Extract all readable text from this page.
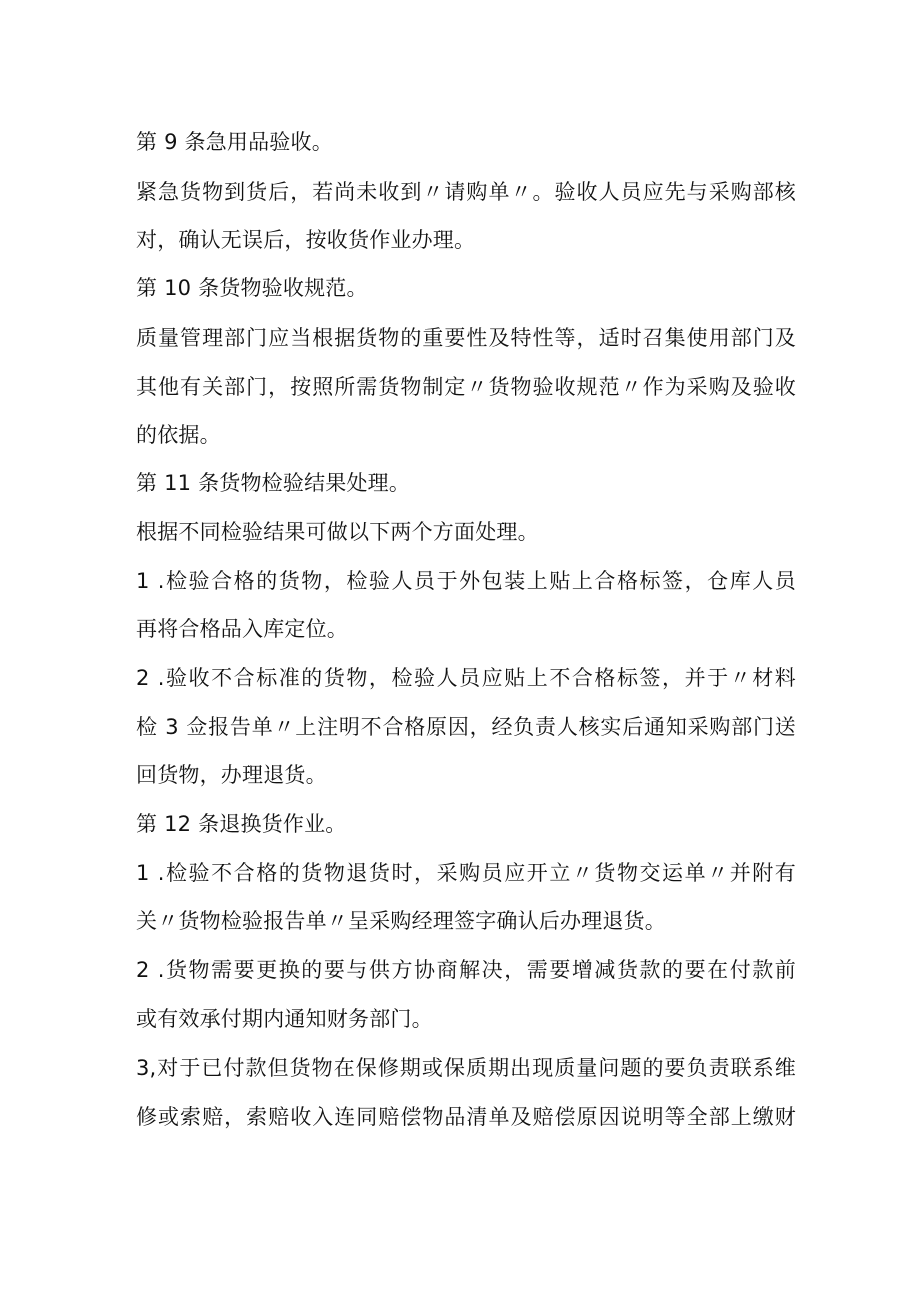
第 9 条急用品验收。
紧急货物到货后，若尚未收到〃请购单〃。验收人员应先与采购部核
对，确认无误后，按收货作业办理。
第 10 条货物验收规范。
质量管理部门应当根据货物的重要性及特性等，适时召集使用部门及
其他有关部门，按照所需货物制定〃货物验收规范〃作为采购及验收
的依据。
第 11 条货物检验结果处理。
根据不同检验结果可做以下两个方面处理。
1 .检验合格的货物，检验人员于外包装上贴上合格标签，仓库人员
再将合格品入库定位。
2 .验收不合标准的货物，检验人员应贴上不合格标签，并于〃材料
检 3 佥报告单〃上注明不合格原因，经负责人核实后通知采购部门送
回货物，办理退货。
第 12 条退换货作业。
1 .检验不合格的货物退货时，采购员应开立〃货物交运单〃并附有
关〃货物检验报告单〃呈采购经理签字确认后办理退货。
2 .货物需要更换的要与供方协商解决，需要增减货款的要在付款前
或有效承付期内通知财务部门。
3,对于已付款但货物在保修期或保质期出现质量问题的要负责联系维
修或索赔，索赔收入连同赔偿物品清单及赔偿原因说明等全部上缴财
